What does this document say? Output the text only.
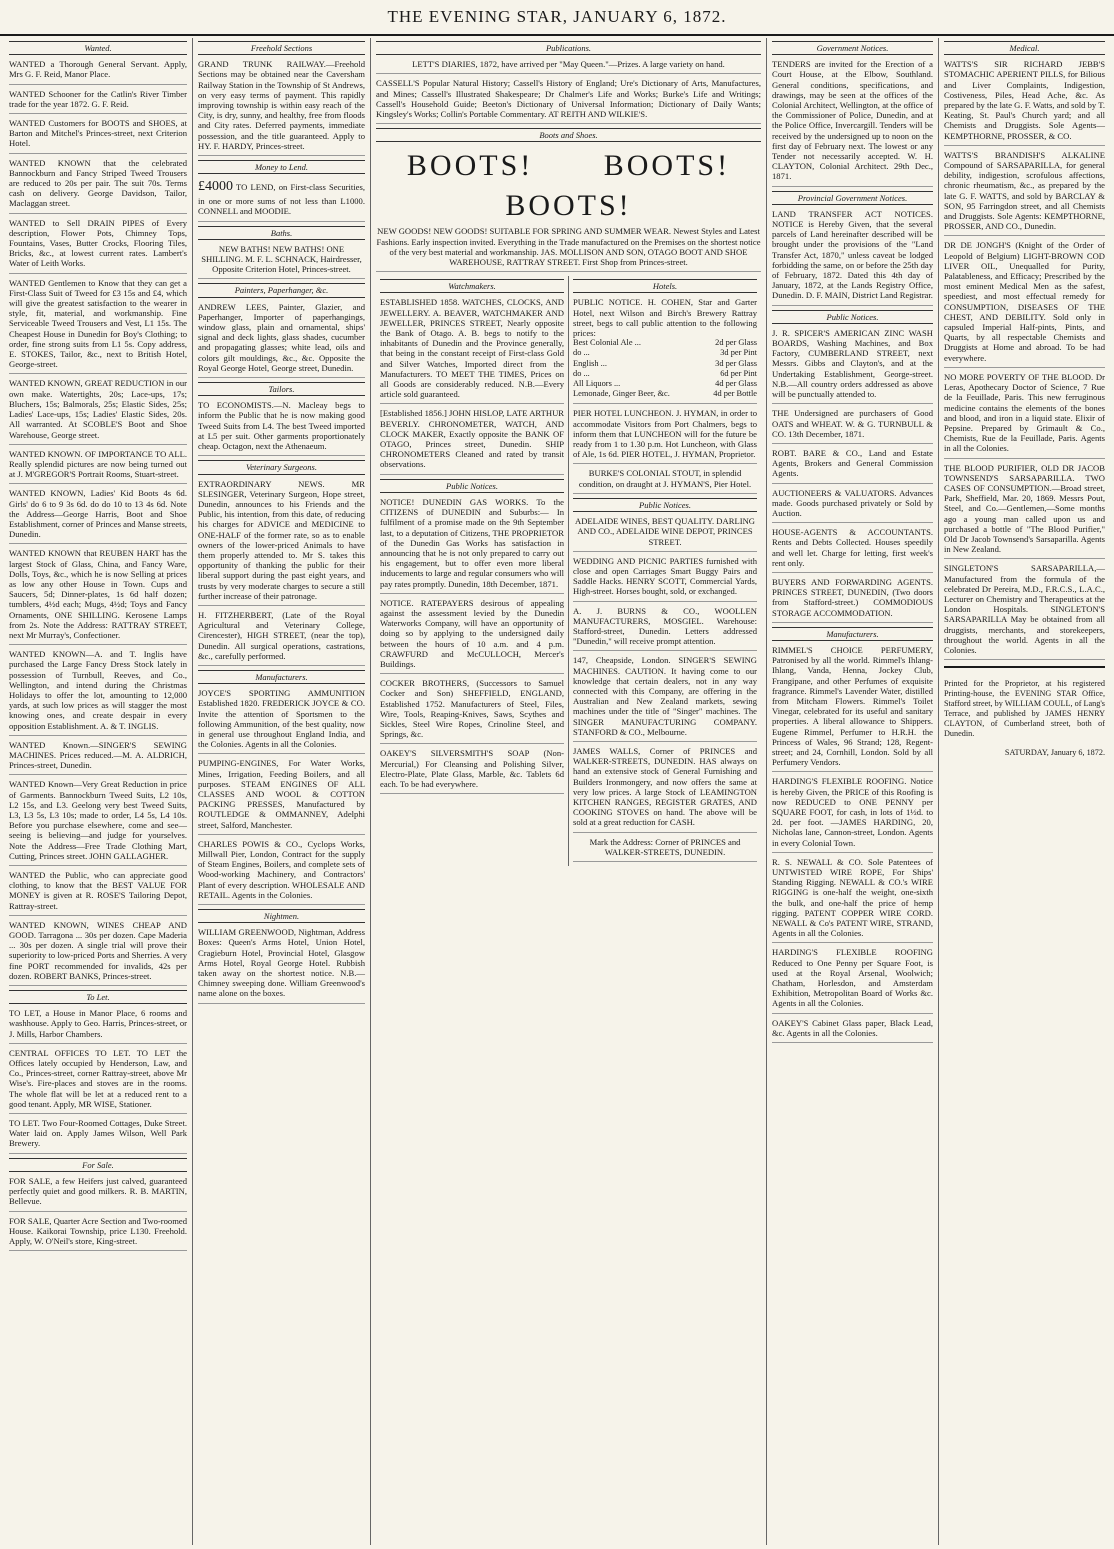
THE EVENING STAR, JANUARY 6, 1872.
Wanted.
WANTED a Thorough General Servant. Apply, Mrs G. F. Reid, Manor Place.
WANTED Schooner for the Catlin's River Timber trade for the year 1872. G. F. Reid.
WANTED Customers for BOOTS and SHOES, at Barton and Mitchel's Princes-street, next Criterion Hotel.
WANTED KNOWN that the celebrated Bannockburn and Fancy Striped Tweed Trousers are reduced to 20s per pair. The suit 70s. Terms cash on delivery. George Davidson, Tailor, Maclaggan street.
WANTED to Sell DRAIN PIPES of Every description, Flower Pots, Chimney Tops, Fountains, Vases, Butter Crocks, Flooring Tiles, Bricks, &c., at lowest current rates. Lambert's Water of Leith Works.
WANTED Gentlemen to Know that they can get a First-Class Suit of Tweed for £3 15s and £4, which will give the greatest satisfaction to the wearer in style, fit, material, and workmanship. Fine Serviceable Tweed Trousers and Vest, L1 15s. The Cheapest House in Dunedin for Boy's Clothing; to order, fine strong suits from L1 5s. Copy address, E. STOKES, Tailor, &c., next to British Hotel, George-street.
WANTED KNOWN, GREAT REDUCTION in our own make. Watertights, 20s; Lace-ups, 17s; Bluchers, 15s; Balmorals, 25s; Elastic Sides, 25s; Ladies' Lace-ups, 15s; Ladies' Elastic Sides, 20s. All warranted. At SCOBLE'S Boot and Shoe Warehouse, George street.
WANTED KNOWN. OF IMPORTANCE TO ALL. Really splendid pictures are now being turned out at J. M'GREGOR'S Portrait Rooms, Stuart-street.
WANTED KNOWN, Ladies' Kid Boots 4s 6d. Girls' do 6 to 9 3s 6d. do do 10 to 13 4s 6d. Note the Address—George Harris, Boot and Shoe Establishment, corner of Princes and Manse streets, Dunedin.
WANTED KNOWN that REUBEN HART has the largest Stock of Glass, China, and Fancy Ware, Dolls, Toys, &c., which he is now Selling at prices as low any other House in Town. Cups and Saucers, 5d; Dinner-plates, 1s 6d half dozen; tumblers, 4½d each; Mugs, 4½d; Toys and Fancy Ornaments, ONE SHILLING. Kerosene Lamps from 2s. Note the Address: RATTRAY STREET, next Mr Murray's, Confectioner.
WANTED KNOWN—A. and T. Inglis have purchased the Large Fancy Dress Stock lately in possession of Turnbull, Reeves, and Co., Wellington, and intend during the Christmas Holidays to offer the lot, amounting to 12,000 yards, at such low prices as will stagger the most knowing ones, and create despair in every opposition Establishment. A. & T. INGLIS.
WANTED Known.—SINGER'S SEWING MACHINES. Prices reduced.—M. A. ALDRICH, Princes-street, Dunedin.
WANTED Known—Very Great Reduction in price of Garments. Bannockburn Tweed Suits, L2 10s, L2 15s, and L3. Geelong very best Tweed Suits, L3, L3 5s, L3 10s; made to order, L4 5s, L4 10s. Before you purchase elsewhere, come and see—seeing is believing—and judge for yourselves. Note the Address—Free Trade Clothing Mart, Cutting, Princes street. JOHN GALLAGHER.
WANTED the Public, who can appreciate good clothing, to know that the BEST VALUE FOR MONEY is given at R. ROSE'S Tailoring Depot, Rattray-street.
WANTED KNOWN, WINES CHEAP AND GOOD. Tarragona ... 30s per dozen. Cape Maderia ... 30s per dozen. A single trial will prove their superiority to low-priced Ports and Sherries. A very fine PORT recommended for invalids, 42s per dozen. ROBERT BANKS, Princes-street.
To Let.
TO LET, a House in Manor Place, 6 rooms and washhouse. Apply to Geo. Harris, Princes-street, or J. Mills, Harbor Chambers.
CENTRAL OFFICES TO LET. TO LET the Offices lately occupied by Henderson, Law, and Co., Princes-street, corner Rattray-street, above Mr Wise's. Fire-places and stoves are in the rooms. The whole flat will be let at a reduced rent to a good tenant. Apply, MR WISE, Stationer.
TO LET. Two Four-Roomed Cottages, Duke Street. Water laid on. Apply James Wilson, Well Park Brewery.
For Sale.
FOR SALE, a few Heifers just calved, guaranteed perfectly quiet and good milkers. R. B. MARTIN, Bellevue.
FOR SALE, Quarter Acre Section and Two-roomed House. Kaikorai Township, price L130. Freehold. Apply, W. O'Neil's store, King-street.
Freehold Sections
GRAND TRUNK RAILWAY.—Freehold Sections may be obtained near the Caversham Railway Station in the Township of St Andrews, on very easy terms of payment. This rapidly improving township is within easy reach of the City, is dry, sunny, and healthy, free from floods and City rates. Deferred payments, immediate possession, and the title guaranteed. Apply to HY. F. HARDY, Princes-street.
Money to Lend.
£4000 TO LEND, on First-class Securities, in one or more sums of not less than L1000. CONNELL and MOODIE.
Baths.
NEW BATHS! NEW BATHS! ONE SHILLING. M. F. L. SCHNACK, Hairdresser, Opposite Criterion Hotel, Princes-street.
Painters, Paperhanger, &c.
ANDREW LEES, Painter, Glazier, and Paperhanger, Importer of paperhangings, window glass, plain and ornamental, ships' signal and deck lights, glass shades, cucumber and propagating glasses; white lead, oils and colors gilt mouldings, &c., &c. Opposite the Royal George Hotel, George street, Dunedin.
Tailors.
TO ECONOMISTS.—N. Macleay begs to inform the Public that he is now making good Tweed Suits from L4. The best Tweed imported at L5 per suit. Other garments proportionately cheap. Octagon, next the Athenaeum.
Veterinary Surgeons.
EXTRAORDINARY NEWS. MR SLESINGER, Veterinary Surgeon, Hope street, Dunedin, announces to his Friends and the Public, his intention, from this date, of reducing his charges for ADVICE and MEDICINE to ONE-HALF of the former rate, so as to enable owners of the lower-priced Animals to have them properly attended to. Mr S. takes this opportunity of thanking the public for their liberal support during the past eight years, and trusts by very moderate charges to secure a still further increase of their patronage.
H. FITZHERBERT, (Late of the Royal Agricultural and Veterinary College, Cirencester), HIGH STREET, (near the top), Dunedin. All surgical operations, castrations, &c., carefully performed.
Manufacturers.
JOYCE'S SPORTING AMMUNITION Established 1820. FREDERICK JOYCE & CO. Invite the attention of Sportsmen to the following Ammunition, of the best quality, now in general use throughout England India, and the Colonies. Agents in all the Colonies.
PUMPING-ENGINES, For Water Works, Mines, Irrigation, Feeding Boilers, and all purposes. STEAM ENGINES OF ALL CLASSES AND WOOL & COTTON PACKING PRESSES, Manufactured by ROUTLEDGE & OMMANNEY, Adelphi street, Salford, Manchester.
CHARLES POWIS & CO., Cyclops Works, Millwall Pier, London, Contract for the supply of Steam Engines, Boilers, and complete sets of Wood-working Machinery, and Contractors' Plant of every description. WHOLESALE AND RETAIL. Agents in the Colonies.
Nightmen.
WILLIAM GREENWOOD, Nightman, Address Boxes: Queen's Arms Hotel, Union Hotel, Cragieburn Hotel, Provincial Hotel, Glasgow Arms Hotel, Royal George Hotel. Rubbish taken away on the shortest notice. N.B.—Chimney sweeping done. William Greenwood's name alone on the boxes.
Publications.
LETT'S DIARIES, 1872, have arrived per "May Queen."—Prizes. A large variety on hand.
CASSELL'S Popular Natural History; Cassell's History of England; Ure's Dictionary of Arts, Manufactures, and Mines; Cassell's Illustrated Shakespeare; Dr Chalmer's Life and Works; Burke's Life and Writings; Cassell's Household Guide; Beeton's Dictionary of Universal Information; Dictionary of Daily Wants; Kingsley's Works; Collin's Portable Commentary. AT REITH AND WILKIE'S.
Boots and Shoes.
BOOTS! BOOTS! BOOTS!
NEW GOODS! NEW GOODS! SUITABLE FOR SPRING AND SUMMER WEAR. Newest Styles and Latest Fashions. Early inspection invited. Everything in the Trade manufactured on the Premises on the shortest notice of the very best material and workmanship. JAS. MOLLISON AND SON, OTAGO BOOT AND SHOE WAREHOUSE, RATTRAY STREET. First Shop from Princes-street.
Watchmakers.
ESTABLISHED 1858. WATCHES, CLOCKS, AND JEWELLERY. A. BEAVER, WATCHMAKER AND JEWELLER, PRINCES STREET, Nearly opposite the Bank of Otago. A. B. begs to notify to the inhabitants of Dunedin and the Province generally, that being in the constant receipt of First-class Gold and Silver Watches, Imported direct from the Manufacturers. TO MEET THE TIMES, Prices on all Goods are considerably reduced. N.B.—Every article sold guaranteed.
[Established 1856.] JOHN HISLOP, LATE ARTHUR BEVERLY. CHRONOMETER, WATCH, AND CLOCK MAKER, Exactly opposite the BANK OF OTAGO, Princes street, Dunedin. SHIP CHRONOMETERS Cleaned and rated by transit observations.
Public Notices.
NOTICE! DUNEDIN GAS WORKS. To the CITIZENS of DUNEDIN and Suburbs:— In fulfilment of a promise made on the 9th September last, to a deputation of Citizens, THE PROPRIETOR of the Dunedin Gas Works has satisfaction in announcing that he is not only prepared to carry out his engagement, but to offer even more liberal inducements to large and regular consumers who will pay rates promptly. Dunedin, 18th December, 1871.
NOTICE. RATEPAYERS desirous of appealing against the assessment levied by the Dunedin Waterworks Company, will have an opportunity of doing so by applying to the undersigned daily between the hours of 10 a.m. and 4 p.m. CRAWFURD and McCULLOCH, Mercer's Buildings.
COCKER BROTHERS, (Successors to Samuel Cocker and Son) SHEFFIELD, ENGLAND, Established 1752. Manufacturers of Steel, Files, Wire, Tools, Reaping-Knives, Saws, Scythes and Sickles, Steel Wire Ropes, Crinoline Steel, and Springs, &c.
OAKEY'S SILVERSMITH'S SOAP (Non-Mercurial,) For Cleansing and Polishing Silver, Electro-Plate, Plate Glass, Marble, &c. Tablets 6d each. To be had everywhere.
Hotels.

PUBLIC NOTICE. H. COHEN, Star and Garter Hotel, next Wilson and Birch's Brewery Rattray street, begs to call public attention to the following prices:

Best Colonial Ale ...	2d per Glass
do ...	3d per Pint
English ...	3d per Glass
do ...	6d per Pint
All Liquors ...	4d per Glass
Lemonade, Ginger Beer, &c.	4d per Bottle
PIER HOTEL LUNCHEON. J. HYMAN, in order to accommodate Visitors from Port Chalmers, begs to inform them that LUNCHEON will for the future be ready from 1 to 1.30 p.m. Hot Luncheon, with Glass of Ale, 1s 6d. PIER HOTEL, J. HYMAN, Proprietor.
BURKE'S COLONIAL STOUT, in splendid condition, on draught at J. HYMAN'S, Pier Hotel.
Public Notices.
ADELAIDE WINES, BEST QUALITY. DARLING AND CO., ADELAIDE WINE DEPOT, PRINCES STREET.
WEDDING AND PICNIC PARTIES furnished with close and open Carriages Smart Buggy Pairs and Saddle Hacks. HENRY SCOTT, Commercial Yards, High-street. Horses bought, sold, or exchanged.
A. J. BURNS & CO., WOOLLEN MANUFACTURERS, MOSGIEL. Warehouse: Stafford-street, Dunedin. Letters addressed "Dunedin," will receive prompt attention.
147, Cheapside, London. SINGER'S SEWING MACHINES. CAUTION. It having come to our knowledge that certain dealers, not in any way connected with this Company, are offering in the Australian and New Zealand markets, sewing machines under the title of "Singer" machines. The SINGER MANUFACTURING COMPANY. STANFORD & CO., Melbourne.
JAMES WALLS, Corner of PRINCES and WALKER-STREETS, DUNEDIN. HAS always on hand an extensive stock of General Furnishing and Builders Ironmongery, and now offers the same at very low prices. A large Stock of LEAMINGTON KITCHEN RANGES, REGISTER GRATES, AND COOKING STOVES on hand. The above will be sold at a great reduction for CASH.
Mark the Address: Corner of PRINCES and WALKER-STREETS, DUNEDIN.
Government Notices.
TENDERS are invited for the Erection of a Court House, at the Elbow, Southland. General conditions, specifications, and drawings, may be seen at the offices of the Colonial Architect, Wellington, at the office of the Commissioner of Police, Dunedin, and at the Police Office, Invercargill. Tenders will be received by the undersigned up to noon on the first day of February next. The lowest or any Tender not necessarily accepted. W. H. CLAYTON, Colonial Architect. 29th Dec., 1871.
Provincial Government Notices.
LAND TRANSFER ACT NOTICES. NOTICE is Hereby Given, that the several parcels of Land hereinafter described will be brought under the provisions of the "Land Transfer Act, 1870," unless caveat be lodged forbidding the same, on or before the 25th day of February, 1872. Dated this 4th day of January, 1872, at the Lands Registry Office, Dunedin. D. F. MAIN, District Land Registrar.
Public Notices.
J. R. SPICER'S AMERICAN ZINC WASH BOARDS, Washing Machines, and Box Factory, CUMBERLAND STREET, next Messrs. Gibbs and Clayton's, and at the Undertaking Establishment, George-street. N.B.—All country orders addressed as above will be punctually attended to.
THE Undersigned are purchasers of Good OATS and WHEAT. W. & G. TURNBULL & CO. 13th December, 1871.
ROBT. BARE & CO., Land and Estate Agents, Brokers and General Commission Agents.
AUCTIONEERS & VALUATORS. Advances made. Goods purchased privately or Sold by Auction.
HOUSE-AGENTS & ACCOUNTANTS. Rents and Debts Collected. Houses speedily and well let. Charge for letting, first week's rent only.
BUYERS AND FORWARDING AGENTS. PRINCES STREET, DUNEDIN, (Two doors from Stafford-street.) COMMODIOUS STORAGE ACCOMMODATION.
Manufacturers.
RIMMEL'S CHOICE PERFUMERY, Patronised by all the world. Rimmel's Ihlang-Ihlang, Vanda, Henna, Jockey Club, Frangipane, and other Perfumes of exquisite fragrance. Rimmel's Lavender Water, distilled from Mitcham Flowers. Rimmel's Toilet Vinegar, celebrated for its useful and sanitary properties. A liberal allowance to Shippers. Eugene Rimmel, Perfumer to H.R.H. the Princess of Wales, 96 Strand; 128, Regent-street; and 24, Cornhill, London. Sold by all Perfumery Vendors.
HARDING'S FLEXIBLE ROOFING. Notice is hereby Given, the PRICE of this Roofing is now REDUCED to ONE PENNY per SQUARE FOOT, for cash, in lots of 1½d. to 2d. per foot. —JAMES HARDING, 20, Nicholas lane, Cannon-street, London. Agents in every Colonial Town.
R. S. NEWALL & CO. Sole Patentees of UNTWISTED WIRE ROPE, For Ships' Standing Rigging. NEWALL & CO.'s WIRE RIGGING is one-half the weight, one-sixth the bulk, and one-half the price of hemp rigging. PATENT COPPER WIRE CORD. NEWALL & Co's PATENT WIRE, STRAND, Agents in all the Colonies.
HARDING'S FLEXIBLE ROOFING Reduced to One Penny per Square Foot, is used at the Royal Arsenal, Woolwich; Chatham, Horlesdon, and Amsterdam Exhibition, Metropolitan Board of Works &c. Agents in all the Colonies.
OAKEY'S Cabinet Glass paper, Black Lead, &c. Agents in all the Colonies.
Medical.
WATTS'S SIR RICHARD JEBB'S STOMACHIC APERIENT PILLS, for Bilious and Liver Complaints, Indigestion, Costiveness, Piles, Head Ache, &c. As prepared by the late G. F. Watts, and sold by T. Keating, St. Paul's Church yard; and all Chemists and Druggists. Sole Agents—KEMPTHORNE, PROSSER, & CO.
WATTS'S BRANDISH'S ALKALINE Compound of SARSAPARILLA, for general debility, indigestion, scrofulous affections, chronic rheumatism, &c., as prepared by the late G. F. WATTS, and sold by BARCLAY & SON, 95 Farringdon street, and all Chemists and Druggists. Sole Agents: KEMPTHORNE, PROSSER, AND CO., Dunedin.
DR DE JONGH'S (Knight of the Order of Leopold of Belgium) LIGHT-BROWN COD LIVER OIL, Unequalled for Purity, Palatableness, and Efficacy; Prescribed by the most eminent Medical Men as the safest, speediest, and most effectual remedy for CONSUMPTION, DISEASES OF THE CHEST, AND DEBILITY. Sold only in capsuled Imperial Half-pints, Pints, and Quarts, by all respectable Chemists and Druggists at Home and abroad. To be had everywhere.
NO MORE POVERTY OF THE BLOOD. Dr Leras, Apothecary Doctor of Science, 7 Rue de la Feuillade, Paris. This new ferruginous medicine contains the elements of the bones and blood, and iron in a liquid state. Elixir of Pepsine. Prepared by Grimault & Co., Chemists, Rue de la Feuillade, Paris. Agents in all the Colonies.
THE BLOOD PURIFIER, OLD DR JACOB TOWNSEND'S SARSAPARILLA. TWO CASES OF CONSUMPTION.—Broad street, Park, Sheffield, Mar. 20, 1869. Messrs Pout, Steel, and Co.—Gentlemen,—Some months ago a young man called upon us and purchased a bottle of "The Blood Purifier," Old Dr Jacob Townsend's Sarsaparilla. Agents in New Zealand.
SINGLETON'S SARSAPARILLA,—Manufactured from the formula of the celebrated Dr Pereira, M.D., F.R.C.S., L.A.C., Lecturer on Chemistry and Therapeutics at the London Hospitals. SINGLETON'S SARSAPARILLA May be obtained from all druggists, merchants, and storekeepers, throughout the world. Agents in all the Colonies.

Printed for the Proprietor, at his registered Printing-house, the EVENING STAR Office, Stafford street, by WILLIAM COULL, of Lang's Terrace, and published by JAMES HENRY CLAYTON, of Cumberland street, both of Dunedin.

SATURDAY, January 6, 1872.
